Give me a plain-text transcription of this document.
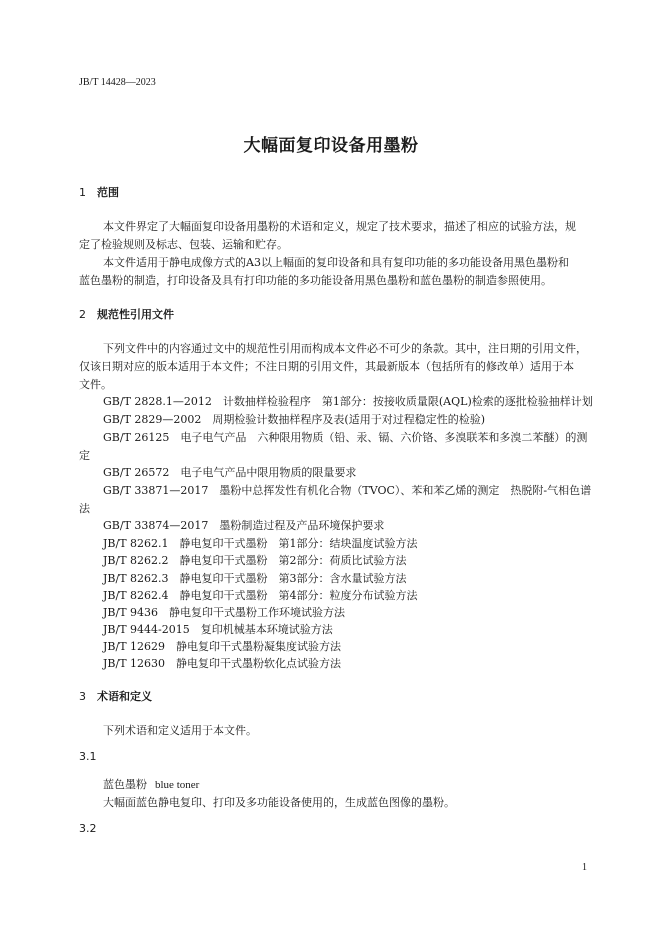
JB/T 14428—2023
大幅面复印设备用墨粉
1 范围
本文件界定了大幅面复印设备用墨粉的术语和定义，规定了技术要求，描述了相应的试验方法，规
定了检验规则及标志、包装、运输和贮存。
本文件适用于静电成像方式的A3以上幅面的复印设备和具有复印功能的多功能设备用黑色墨粉和
蓝色墨粉的制造，打印设备及具有打印功能的多功能设备用黑色墨粉和蓝色墨粉的制造参照使用。
2 规范性引用文件
下列文件中的内容通过文中的规范性引用而构成本文件必不可少的条款。其中，注日期的引用文件，
仅该日期对应的版本适用于本文件；不注日期的引用文件，其最新版本（包括所有的修改单）适用于本
文件。
GB/T 2828.1—2012　计数抽样检验程序　第1部分：按接收质量限(AQL)检索的逐批检验抽样计划
GB/T 2829—2002　周期检验计数抽样程序及表(适用于对过程稳定性的检验)
GB/T 26125　电子电气产品　六种限用物质（铅、汞、镉、六价铬、多溴联苯和多溴二苯醚）的测
定
GB/T 26572　电子电气产品中限用物质的限量要求
GB/T 33871—2017　墨粉中总挥发性有机化合物（TVOC）、苯和苯乙烯的测定　热脱附-气相色谱
法
GB/T 33874—2017　墨粉制造过程及产品环境保护要求
JB/T 8262.1　静电复印干式墨粉　第1部分：结块温度试验方法
JB/T 8262.2　静电复印干式墨粉　第2部分：荷质比试验方法
JB/T 8262.3　静电复印干式墨粉　第3部分：含水量试验方法
JB/T 8262.4　静电复印干式墨粉　第4部分：粒度分布试验方法
JB/T 9436　静电复印干式墨粉工作环境试验方法
JB/T 9444-2015　复印机械基本环境试验方法
JB/T 12629　静电复印干式墨粉凝集度试验方法
JB/T 12630　静电复印干式墨粉软化点试验方法
3 术语和定义
下列术语和定义适用于本文件。
3.1
蓝色墨粉 blue toner
大幅面蓝色静电复印、打印及多功能设备使用的，生成蓝色图像的墨粉。
3.2
1
